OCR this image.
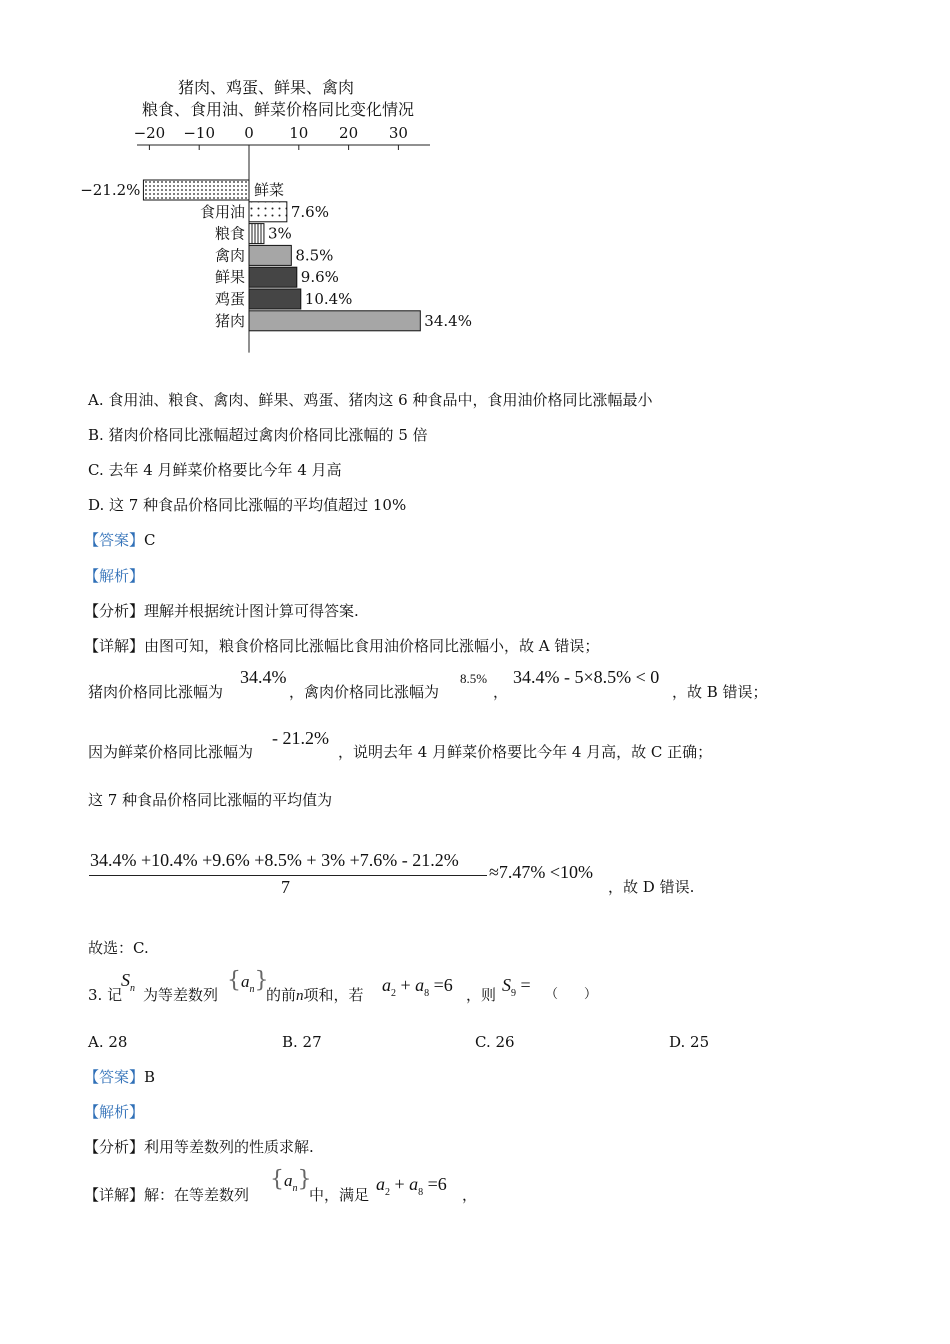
猪肉、鸡蛋、鲜果、禽肉
粮食、食用油、鲜菜价格同比变化情况
−20 −10 0 10 20 30
−21.2%	鲜菜
食用油	7.6%
粮食 3%
禽肉	8.5%
鲜果	9.6%
鸡蛋	10.4%
猪肉	34.4%
A. 食用油、粮食、禽肉、鲜果、鸡蛋、猪肉这 6 种食品中，食用油价格同比涨幅最小
B. 猪肉价格同比涨幅超过禽肉价格同比涨幅的 5 倍
C. 去年 4 月鲜菜价格要比今年 4 月高
D. 这 7 种食品价格同比涨幅的平均值超过 10%
【答案】C
【解析】
【分析】理解并根据统计图计算可得答案.
【详解】由图可知，粮食价格同比涨幅比食用油价格同比涨幅小，故 A 错误；
猪肉价格同比涨幅为
34.4%
，禽肉价格同比涨幅为
8.5%
，
34.4% - 5×8.5% < 0
，故 B 错误；
因为鲜菜价格同比涨幅为
- 21.2%
，说明去年 4 月鲜菜价格要比今年 4 月高，故 C 正确；
这 7 种食品价格同比涨幅的平均值为
34.4% +10.4% +9.6% +8.5% + 3% +7.6% - 21.2%
7
≈7.47% <10%
，故 D 错误.
故选：C.
3. 记
$S_n$ 为等差数列
$\{a_n\}$
的前n项和，若 $a_2 + a_8 =6$ ，则 $S_9$ = （　　）
A. 28	B. 27	C. 26	D. 25
【答案】B
【解析】
【分析】利用等差数列的性质求解.
【详解】解：在等差数列
$\{a_n\}$
中，满足
$a_2 + a_8 =6$
，
